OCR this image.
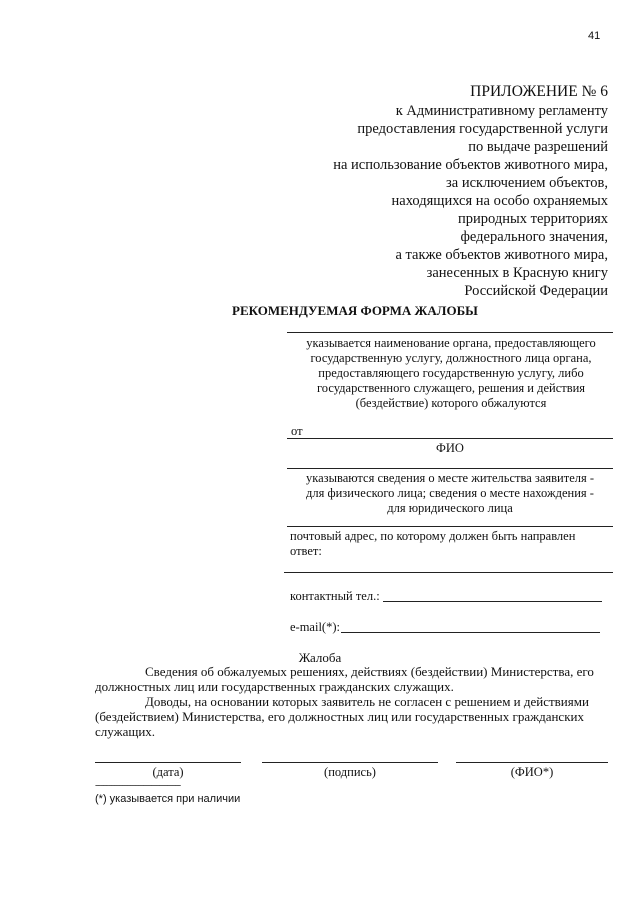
41
ПРИЛОЖЕНИЕ № 6
к Административному регламенту
предоставления государственной услуги
по выдаче разрешений
на использование объектов животного мира,
за исключением объектов,
находящихся на особо охраняемых
природных территориях
федерального значения,
а также объектов животного мира,
занесенных в Красную книгу
Российской Федерации
РЕКОМЕНДУЕМАЯ ФОРМА ЖАЛОБЫ
указывается наименование органа, предоставляющего
государственную услугу, должностного лица органа,
предоставляющего государственную услугу, либо
государственного служащего, решения и действия
(бездействие) которого обжалуются
от
ФИО
указываются сведения о месте жительства заявителя -
для физического лица; сведения о месте нахождения -
для юридического лица
почтовый адрес, по которому должен быть направлен
ответ:
контактный тел.:
e-mail(*):
Жалоба
Сведения об обжалуемых решениях, действиях (бездействии) Министерства, его
должностных лиц или государственных гражданских служащих.
Доводы, на основании которых заявитель не согласен с решением и действиями
(бездействием) Министерства, его должностных лиц или государственных гражданских
служащих.
(дата)	(подпись)	(ФИО*)
--------------------------------
(*) указывается при наличии
